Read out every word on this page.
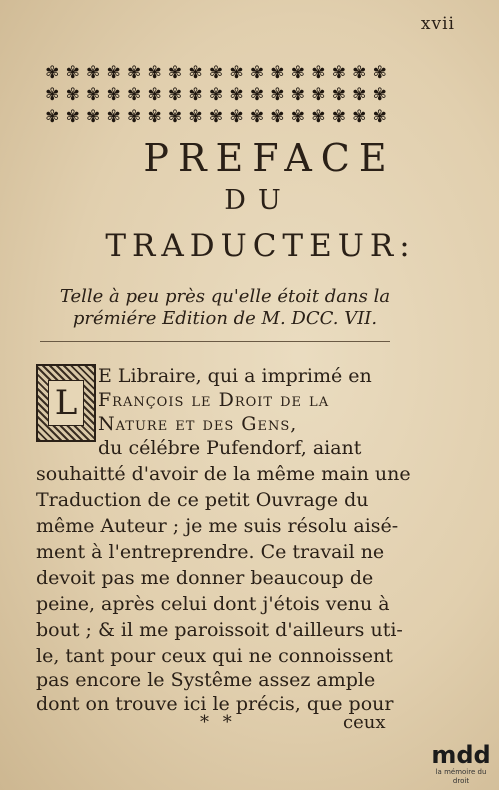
xvii
✾ ✾ ✾ ✾ ✾ ✾ ✾ ✾ ✾ ✾ ✾ ✾ ✾ ✾ ✾ ✾ ✾
✾ ✾ ✾ ✾ ✾ ✾ ✾ ✾ ✾ ✾ ✾ ✾ ✾ ✾ ✾ ✾ ✾
✾ ✾ ✾ ✾ ✾ ✾ ✾ ✾ ✾ ✾ ✾ ✾ ✾ ✾ ✾ ✾ ✾
PREFACE
DU
TRADUCTEUR:
Telle à peu près qu'elle étoit dans la
prémiére Edition de M. DCC. VII.
L
E Libraire, qui a imprimé en
François le Droit de la
Nature et des Gens,
du célébre Pufendorf, aiant
souhaitté d'avoir de la même main une
Traduction de ce petit Ouvrage du
même Auteur ; je me suis résolu aisé-
ment à l'entreprendre. Ce travail ne
devoit pas me donner beaucoup de
peine, après celui dont j'étois venu à
bout ; & il me paroissoit d'ailleurs uti-
le, tant pour ceux qui ne connoissent
pas encore le Systême assez ample
* *	ceux
mdd
la mémoire du droit
dont on trouve ici le précis, que pour
